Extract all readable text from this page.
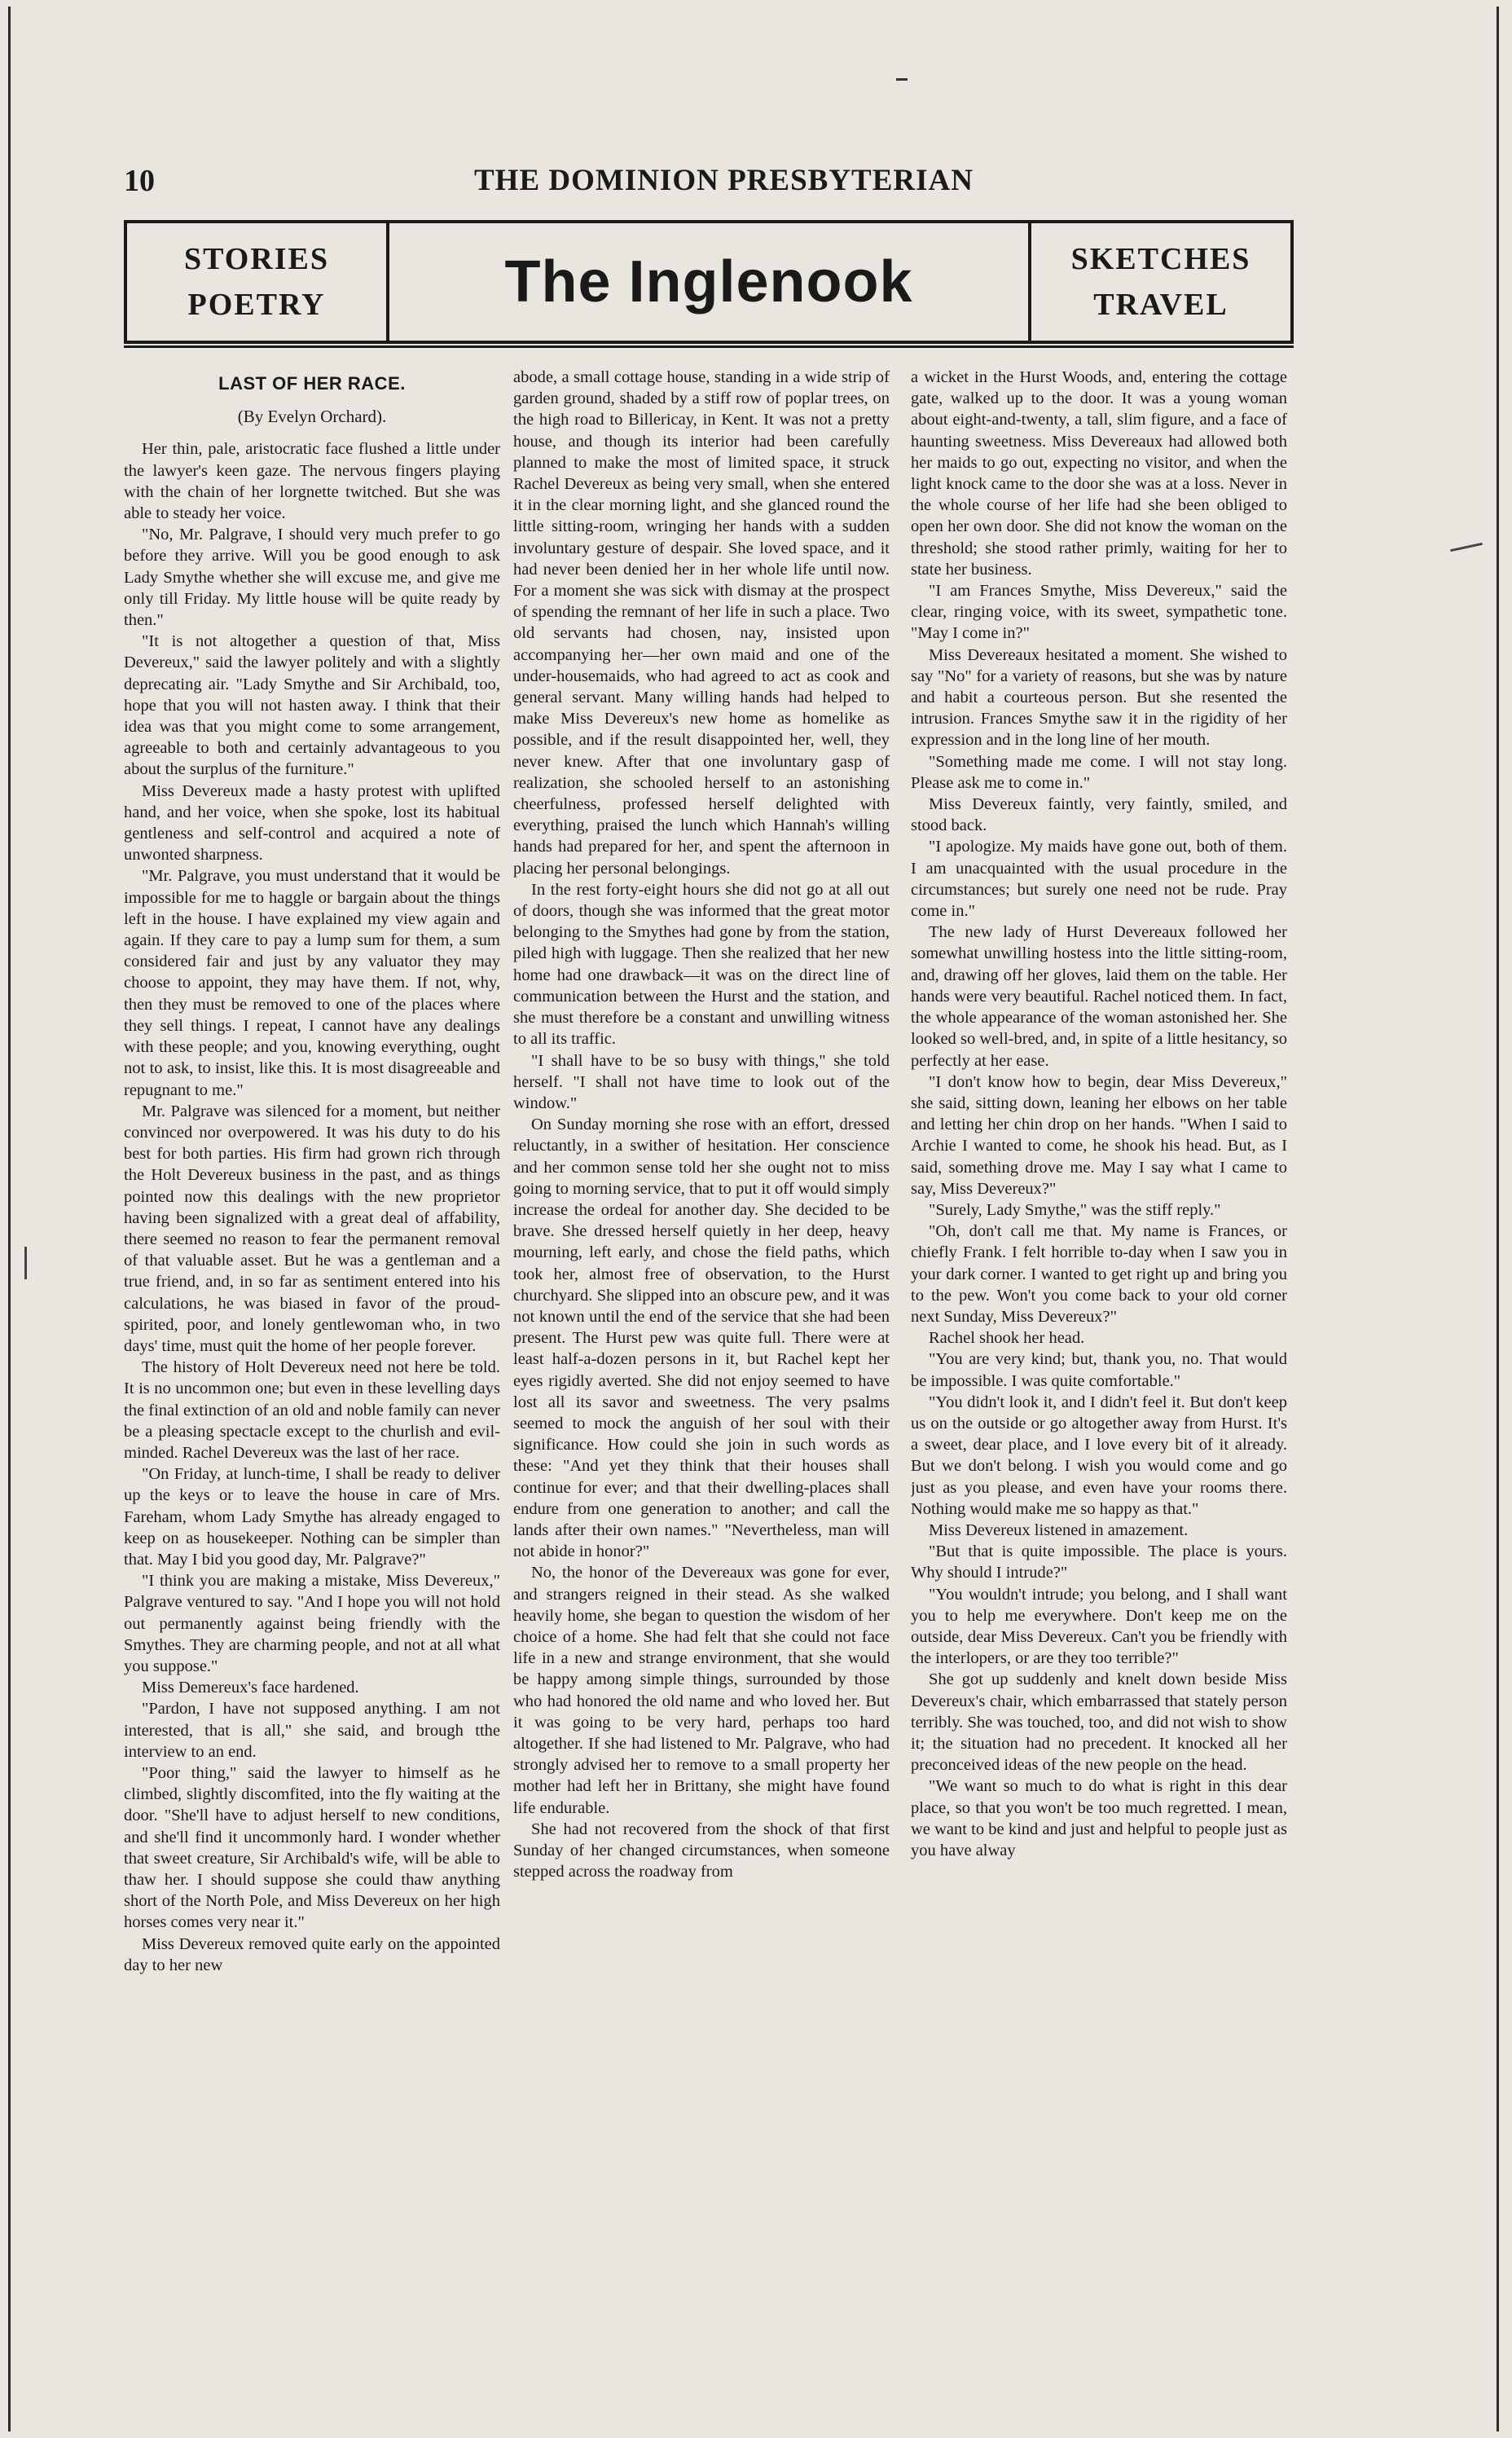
10	THE DOMINION PRESBYTERIAN
STORIES
POETRY	The Inglenook	SKETCHES
TRAVEL
LAST OF HER RACE.
(By Evelyn Orchard).

Her thin, pale, aristocratic face flushed a little under the lawyer's keen gaze. The nervous fingers playing with the chain of her lorgnette twitched. But she was able to steady her voice.

"No, Mr. Palgrave, I should very much prefer to go before they arrive. Will you be good enough to ask Lady Smythe whether she will excuse me, and give me only till Friday. My little house will be quite ready by then."

"It is not altogether a question of that, Miss Devereux," said the lawyer politely and with a slightly deprecating air. "Lady Smythe and Sir Archibald, too, hope that you will not hasten away. I think that their idea was that you might come to some arrangement, agreeable to both and certainly advantageous to you about the surplus of the furniture."

Miss Devereux made a hasty protest with uplifted hand, and her voice, when she spoke, lost its habitual gentleness and self-control and acquired a note of unwonted sharpness.

"Mr. Palgrave, you must understand that it would be impossible for me to haggle or bargain about the things left in the house. I have explained my view again and again. If they care to pay a lump sum for them, a sum considered fair and just by any valuator they may choose to appoint, they may have them. If not, why, then they must be removed to one of the places where they sell things. I repeat, I cannot have any dealings with these people; and you, knowing everything, ought not to ask, to insist, like this. It is most disagreeable and repugnant to me."

Mr. Palgrave was silenced for a moment, but neither convinced nor overpowered. It was his duty to do his best for both parties. His firm had grown rich through the Holt Devereux business in the past, and as things pointed now this dealings with the new proprietor having been signalized with a great deal of affability, there seemed no reason to fear the permanent removal of that valuable asset. But he was a gentleman and a true friend, and, in so far as sentiment entered into his calculations, he was biased in favor of the proud-spirited, poor, and lonely gentlewoman who, in two days' time, must quit the home of her people forever.

The history of Holt Devereux need not here be told. It is no uncommon one; but even in these levelling days the final extinction of an old and noble family can never be a pleasing spectacle except to the churlish and evil-minded. Rachel Devereux was the last of her race.

"On Friday, at lunch-time, I shall be ready to deliver up the keys or to leave the house in care of Mrs. Fareham, whom Lady Smythe has already engaged to keep on as housekeeper. Nothing can be simpler than that. May I bid you good day, Mr. Palgrave?"

"I think you are making a mistake, Miss Devereux," Palgrave ventured to say. "And I hope you will not hold out permanently against being friendly with the Smythes. They are charming people, and not at all what you suppose."

Miss Demereux's face hardened.

"Pardon, I have not supposed anything. I am not interested, that is all," she said, and brough tthe interview to an end.

"Poor thing," said the lawyer to himself as he climbed, slightly discomfited, into the fly waiting at the door. "She'll have to adjust herself to new conditions, and she'll find it uncommonly hard. I wonder whether that sweet creature, Sir Archibald's wife, will be able to thaw her. I should suppose she could thaw anything short of the North Pole, and Miss Devereux on her high horses comes very near it."

Miss Devereux removed quite early on the appointed day to her new

abode, a small cottage house, standing in a wide strip of garden ground, shaded by a stiff row of poplar trees, on the high road to Billericay, in Kent. It was not a pretty house, and though its interior had been carefully planned to make the most of limited space, it struck Rachel Devereux as being very small, when she entered it in the clear morning light, and she glanced round the little sitting-room, wringing her hands with a sudden involuntary gesture of despair. She loved space, and it had never been denied her in her whole life until now. For a moment she was sick with dismay at the prospect of spending the remnant of her life in such a place. Two old servants had chosen, nay, insisted upon accompanying her—her own maid and one of the under-housemaids, who had agreed to act as cook and general servant. Many willing hands had helped to make Miss Devereux's new home as homelike as possible, and if the result disappointed her, well, they never knew. After that one involuntary gasp of realization, she schooled herself to an astonishing cheerfulness, professed herself delighted with everything, praised the lunch which Hannah's willing hands had prepared for her, and spent the afternoon in placing her personal belongings.

In the rest forty-eight hours she did not go at all out of doors, though she was informed that the great motor belonging to the Smythes had gone by from the station, piled high with luggage. Then she realized that her new home had one drawback—it was on the direct line of communication between the Hurst and the station, and she must therefore be a constant and unwilling witness to all its traffic.

"I shall have to be so busy with things," she told herself. "I shall not have time to look out of the window."

On Sunday morning she rose with an effort, dressed reluctantly, in a swither of hesitation. Her conscience and her common sense told her she ought not to miss going to morning service, that to put it off would simply increase the ordeal for another day. She decided to be brave. She dressed herself quietly in her deep, heavy mourning, left early, and chose the field paths, which took her, almost free of observation, to the Hurst churchyard. She slipped into an obscure pew, and it was not known until the end of the service that she had been present. The Hurst pew was quite full. There were at least half-a-dozen persons in it, but Rachel kept her eyes rigidly averted. She did not enjoy seemed to have lost all its savor and sweetness. The very psalms seemed to mock the anguish of her soul with their significance. How could she join in such words as these: "And yet they think that their houses shall continue for ever; and that their dwelling-places shall endure from one generation to another; and call the lands after their own names." "Nevertheless, man will not abide in honor?"

No, the honor of the Devereaux was gone for ever, and strangers reigned in their stead. As she walked heavily home, she began to question the wisdom of her choice of a home. She had felt that she could not face life in a new and strange environment, that she would be happy among simple things, surrounded by those who had honored the old name and who loved her. But it was going to be very hard, perhaps too hard altogether. If she had listened to Mr. Palgrave, who had strongly advised her to remove to a small property her mother had left her in Brittany, she might have found life endurable.

She had not recovered from the shock of that first Sunday of her changed circumstances, when someone stepped across the roadway from

a wicket in the Hurst Woods, and, entering the cottage gate, walked up to the door. It was a young woman about eight-and-twenty, a tall, slim figure, and a face of haunting sweetness. Miss Devereaux had allowed both her maids to go out, expecting no visitor, and when the light knock came to the door she was at a loss. Never in the whole course of her life had she been obliged to open her own door. She did not know the woman on the threshold; she stood rather primly, waiting for her to state her business.

"I am Frances Smythe, Miss Devereux," said the clear, ringing voice, with its sweet, sympathetic tone. "May I come in?"

Miss Devereaux hesitated a moment. She wished to say "No" for a variety of reasons, but she was by nature and habit a courteous person. But she resented the intrusion. Frances Smythe saw it in the rigidity of her expression and in the long line of her mouth.

"Something made me come. I will not stay long. Please ask me to come in."

Miss Devereux faintly, very faintly, smiled, and stood back.

"I apologize. My maids have gone out, both of them. I am unacquainted with the usual procedure in the circumstances; but surely one need not be rude. Pray come in."

The new lady of Hurst Devereaux followed her somewhat unwilling hostess into the little sitting-room, and, drawing off her gloves, laid them on the table. Her hands were very beautiful. Rachel noticed them. In fact, the whole appearance of the woman astonished her. She looked so well-bred, and, in spite of a little hesitancy, so perfectly at her ease.

"I don't know how to begin, dear Miss Devereux," she said, sitting down, leaning her elbows on her table and letting her chin drop on her hands. "When I said to Archie I wanted to come, he shook his head. But, as I said, something drove me. May I say what I came to say, Miss Devereux?"

"Surely, Lady Smythe," was the stiff reply."

"Oh, don't call me that. My name is Frances, or chiefly Frank. I felt horrible to-day when I saw you in your dark corner. I wanted to get right up and bring you to the pew. Won't you come back to your old corner next Sunday, Miss Devereux?"

Rachel shook her head.

"You are very kind; but, thank you, no. That would be impossible. I was quite comfortable."

"You didn't look it, and I didn't feel it. But don't keep us on the outside or go altogether away from Hurst. It's a sweet, dear place, and I love every bit of it already. But we don't belong. I wish you would come and go just as you please, and even have your rooms there. Nothing would make me so happy as that."

Miss Devereux listened in amazement.

"But that is quite impossible. The place is yours. Why should I intrude?"

"You wouldn't intrude; you belong, and I shall want you to help me everywhere. Don't keep me on the outside, dear Miss Devereux. Can't you be friendly with the interlopers, or are they too terrible?"

She got up suddenly and knelt down beside Miss Devereux's chair, which embarrassed that stately person terribly. She was touched, too, and did not wish to show it; the situation had no precedent. It knocked all her preconceived ideas of the new people on the head.

"We want so much to do what is right in this dear place, so that you won't be too much regretted. I mean, we want to be kind and just and helpful to people just as you have alway
